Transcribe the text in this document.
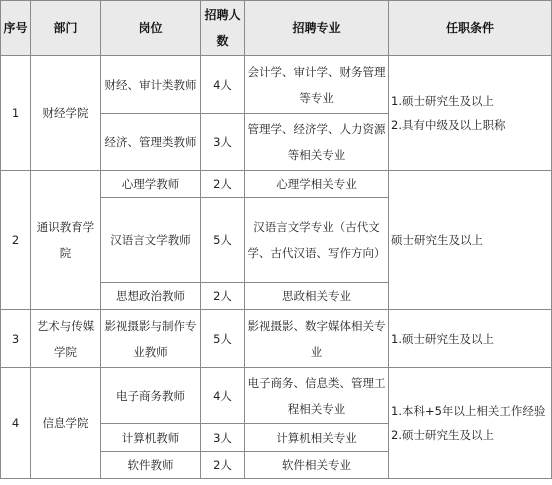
序号	部门	岗位	招聘人数	招聘专业	任职条件
1	财经学院	财经、审计类教师	4人	会计学、审计学、财务管理等专业	1.硕士研究生及以上
2.具有中级及以上职称

		经济、管理类教师	3人	管理学、经济学、人力资源等相关专业	
2	通识教育学院	心理学教师	2人	心理学相关专业	硕士研究生及以上

		汉语言文学教师	5人	汉语言文学专业（古代文学、古代汉语、写作方向）	
		思想政治教师	2人	思政相关专业	
3	艺术与传媒学院	影视摄影与制作专业教师	5人	影视摄影、数字媒体相关专业	1.硕士研究生及以上

4	信息学院	电子商务教师	4人	电子商务、信息类、管理工程相关专业	1.本科+5年以上相关工作经验
2.硕士研究生及以上

		计算机教师	3人	计算机相关专业	
		软件教师	2人	软件相关专业	
